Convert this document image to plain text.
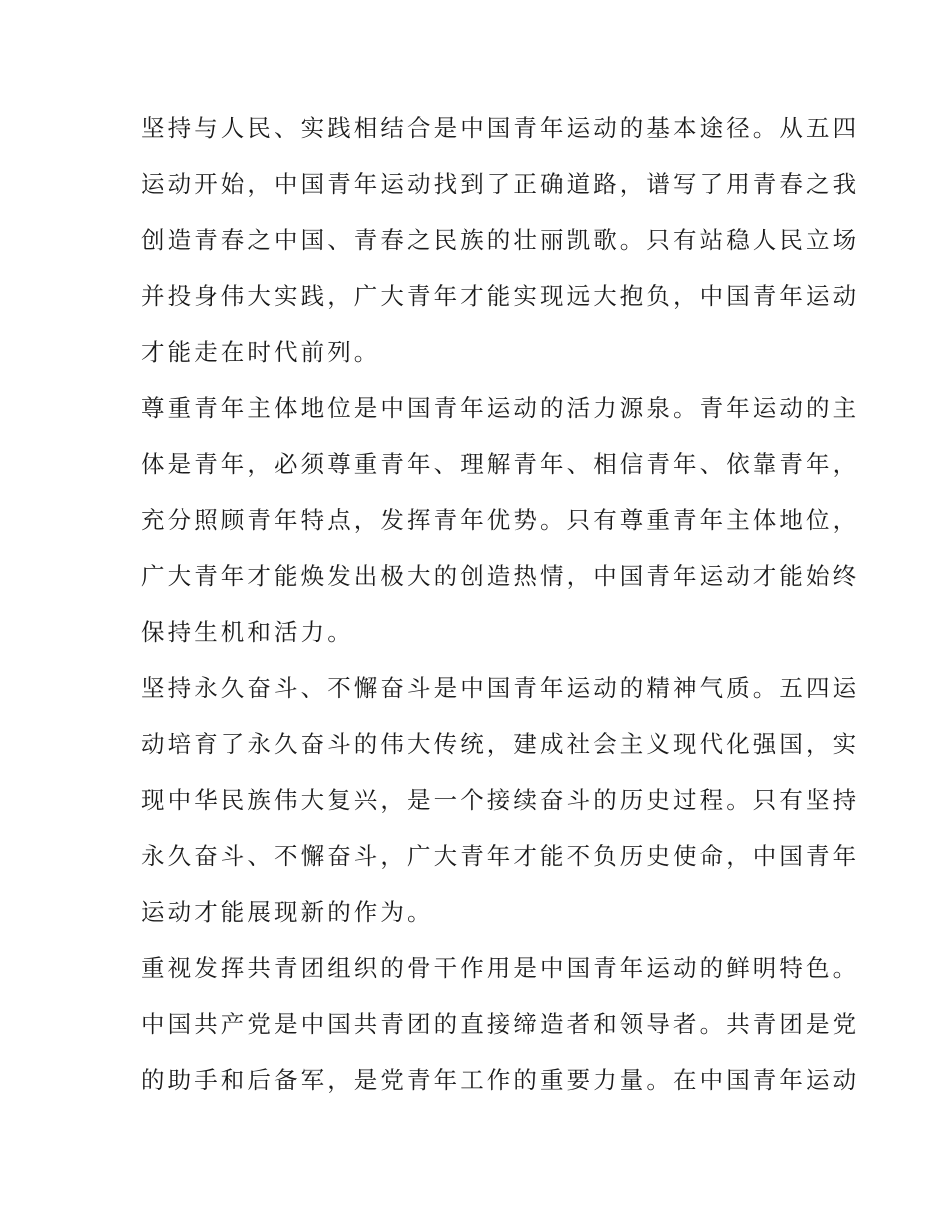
坚持与人民、实践相结合是中国青年运动的基本途径。从五四
运动开始，中国青年运动找到了正确道路，谱写了用青春之我
创造青春之中国、青春之民族的壮丽凯歌。只有站稳人民立场
并投身伟大实践，广大青年才能实现远大抱负，中国青年运动
才能走在时代前列。
尊重青年主体地位是中国青年运动的活力源泉。青年运动的主
体是青年，必须尊重青年、理解青年、相信青年、依靠青年，
充分照顾青年特点，发挥青年优势。只有尊重青年主体地位，
广大青年才能焕发出极大的创造热情，中国青年运动才能始终
保持生机和活力。
坚持永久奋斗、不懈奋斗是中国青年运动的精神气质。五四运
动培育了永久奋斗的伟大传统，建成社会主义现代化强国，实
现中华民族伟大复兴，是一个接续奋斗的历史过程。只有坚持
永久奋斗、不懈奋斗，广大青年才能不负历史使命，中国青年
运动才能展现新的作为。
重视发挥共青团组织的骨干作用是中国青年运动的鲜明特色。
中国共产党是中国共青团的直接缔造者和领导者。共青团是党
的助手和后备军，是党青年工作的重要力量。在中国青年运动
